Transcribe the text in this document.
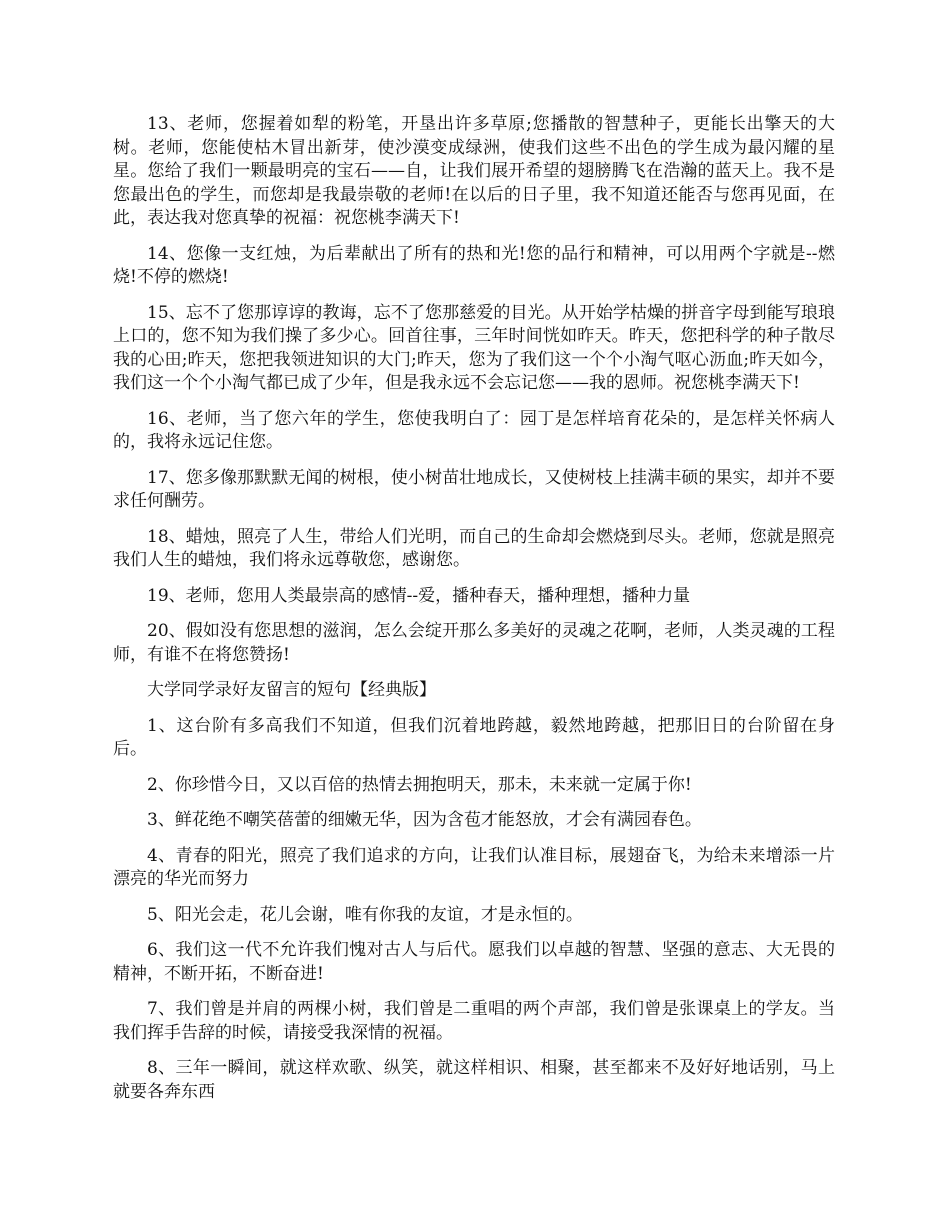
13、老师，您握着如犁的粉笔，开垦出许多草原;您播散的智慧种子，更能长出擎天的大树。老师，您能使枯木冒出新芽，使沙漠变成绿洲，使我们这些不出色的学生成为最闪耀的星星。您给了我们一颗最明亮的宝石——自，让我们展开希望的翅膀腾飞在浩瀚的蓝天上。我不是您最出色的学生，而您却是我最崇敬的老师!在以后的日子里，我不知道还能否与您再见面，在此，表达我对您真挚的祝福：祝您桃李满天下!

14、您像一支红烛，为后辈献出了所有的热和光!您的品行和精神，可以用两个字就是--燃烧!不停的燃烧!

15、忘不了您那谆谆的教诲，忘不了您那慈爱的目光。从开始学枯燥的拼音字母到能写琅琅上口的，您不知为我们操了多少心。回首往事，三年时间恍如昨天。昨天，您把科学的种子散尽我的心田;昨天，您把我领进知识的大门;昨天，您为了我们这一个个小淘气呕心沥血;昨天如今，我们这一个个小淘气都已成了少年，但是我永远不会忘记您——我的恩师。祝您桃李满天下!

16、老师，当了您六年的学生，您使我明白了：园丁是怎样培育花朵的，是怎样关怀病人的，我将永远记住您。

17、您多像那默默无闻的树根，使小树苗壮地成长，又使树枝上挂满丰硕的果实，却并不要求任何酬劳。

18、蜡烛，照亮了人生，带给人们光明，而自己的生命却会燃烧到尽头。老师，您就是照亮我们人生的蜡烛，我们将永远尊敬您，感谢您。

19、老师，您用人类最崇高的感情--爱，播种春天，播种理想，播种力量

20、假如没有您思想的滋润，怎么会绽开那么多美好的灵魂之花啊，老师，人类灵魂的工程师，有谁不在将您赞扬!

大学同学录好友留言的短句【经典版】

1、这台阶有多高我们不知道，但我们沉着地跨越，毅然地跨越，把那旧日的台阶留在身后。

2、你珍惜今日，又以百倍的热情去拥抱明天，那未，未来就一定属于你!

3、鲜花绝不嘲笑蓓蕾的细嫩无华，因为含苞才能怒放，才会有满园春色。

4、青春的阳光，照亮了我们追求的方向，让我们认准目标，展翅奋飞，为给未来增添一片漂亮的华光而努力

5、阳光会走，花儿会谢，唯有你我的友谊，才是永恒的。

6、我们这一代不允许我们愧对古人与后代。愿我们以卓越的智慧、坚强的意志、大无畏的精神，不断开拓，不断奋进!

7、我们曾是并肩的两棵小树，我们曾是二重唱的两个声部，我们曾是张课桌上的学友。当我们挥手告辞的时候，请接受我深情的祝福。

8、三年一瞬间，就这样欢歌、纵笑，就这样相识、相聚，甚至都来不及好好地话别，马上就要各奔东西
